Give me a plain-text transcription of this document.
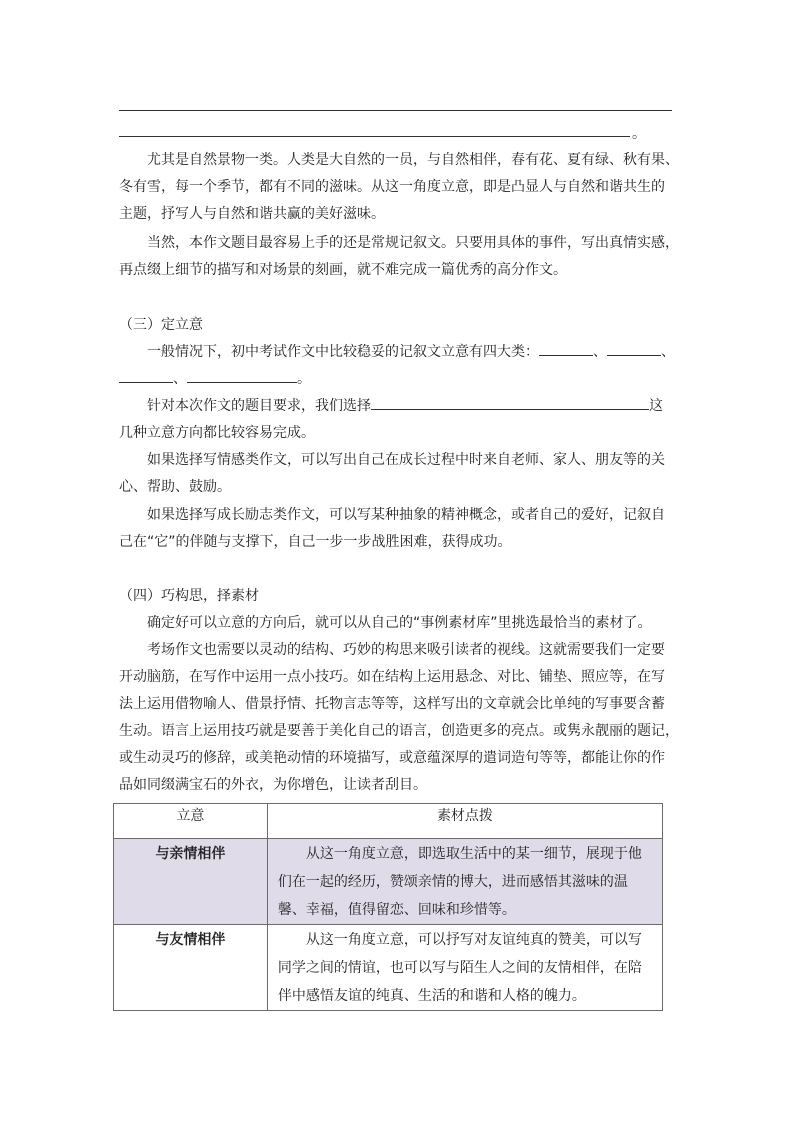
。
尤其是自然景物一类。人类是大自然的一员，与自然相伴，春有花、夏有绿、秋有果、
冬有雪，每一个季节，都有不同的滋味。从这一角度立意，即是凸显人与自然和谐共生的
主题，抒写人与自然和谐共赢的美好滋味。
当然，本作文题目最容易上手的还是常规记叙文。只要用具体的事件，写出真情实感，
再点缀上细节的描写和对场景的刻画，就不难完成一篇优秀的高分作文。
（三）定立意
一般情况下，初中考试作文中比较稳妥的记叙文立意有四大类：	、	、
、	。
针对本次作文的题目要求，我们选择	这
几种立意方向都比较容易完成。
如果选择写情感类作文，可以写出自己在成长过程中时来自老师、家人、朋友等的关
心、帮助、鼓励。
如果选择写成长励志类作文，可以写某种抽象的精神概念，或者自己的爱好，记叙自
己在“它”的伴随与支撑下，自己一步一步战胜困难，获得成功。
（四）巧构思，择素材
确定好可以立意的方向后，就可以从自己的“事例素材库”里挑选最恰当的素材了。
考场作文也需要以灵动的结构、巧妙的构思来吸引读者的视线。这就需要我们一定要
开动脑筋，在写作中运用一点小技巧。如在结构上运用悬念、对比、铺垫、照应等，在写
法上运用借物喻人、借景抒情、托物言志等等，这样写出的文章就会比单纯的写事要含蓄
生动。语言上运用技巧就是要善于美化自己的语言，创造更多的亮点。或隽永靓丽的题记，
或生动灵巧的修辞，或美艳动情的环境描写，或意蕴深厚的遣词造句等等，都能让你的作
品如同缀满宝石的外衣，为你增色，让读者刮目。
立意	素材点拨

与亲情相伴	从这一角度立意，即选取生活中的某一细节，展现于他们在一起的经历，赞颂亲情的博大，进而感悟其滋味的温馨、幸福，值得留恋、回味和珍惜等。

与友情相伴	从这一角度立意，可以抒写对友谊纯真的赞美，可以写同学之间的情谊，也可以写与陌生人之间的友情相伴，在陪伴中感悟友谊的纯真、生活的和谐和人格的魄力。
